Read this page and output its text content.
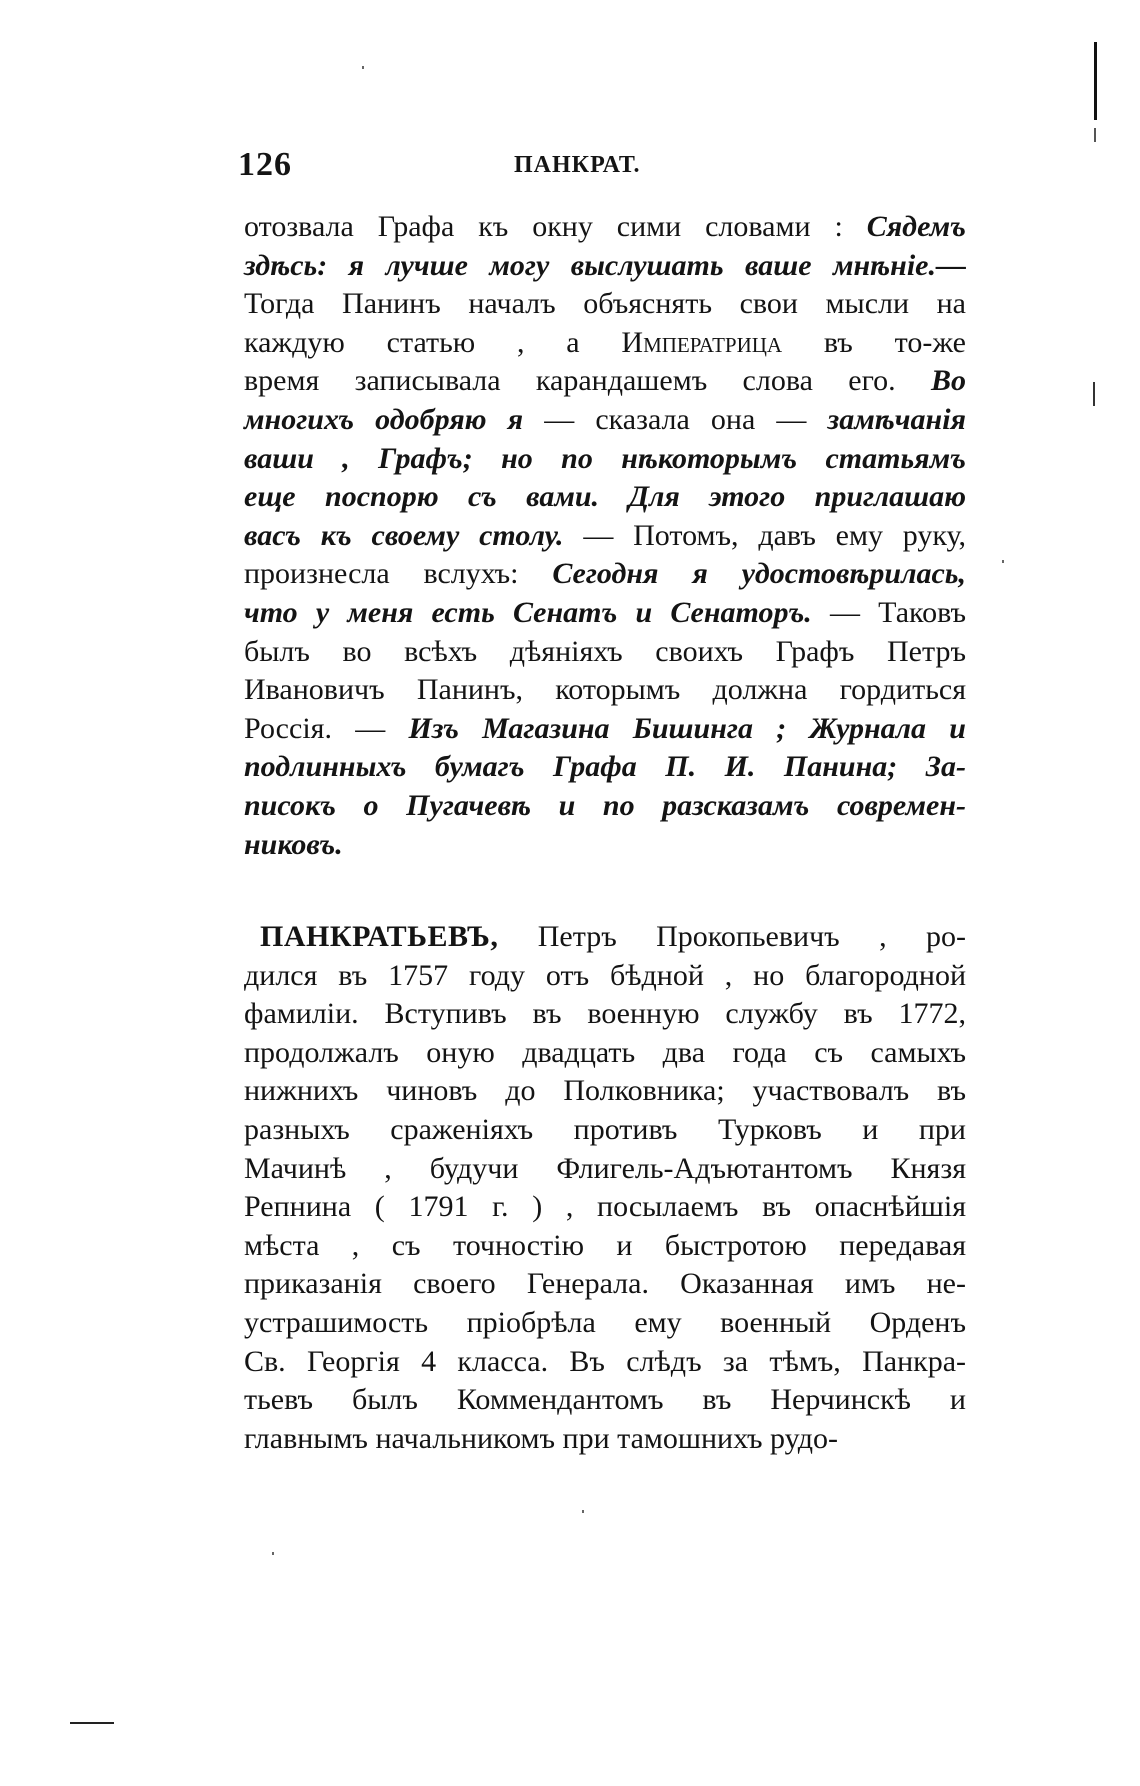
126	ПАНКРАТ.
отозвала Графа къ окну сими словами : Сядемъ
здѣсь: я лучше могу выслушать ваше мнѣніе.—
Тогда Панинъ началъ объяснять свои мысли на
каждую статью , а Императрица въ то-же
время записывала карандашемъ слова его. Во
многихъ одобряю я — сказала она — замѣчанія
ваши , Графъ; но по нѣкоторымъ статьямъ
еще поспорю съ вами. Для этого приглашаю
васъ къ своему столу. — Потомъ, давъ ему руку,
произнесла вслухъ: Сегодня я удостовѣрилась,
что у меня есть Сенатъ и Сенаторъ. — Таковъ
былъ во всѣхъ дѣяніяхъ своихъ Графъ Петръ
Ивановичъ Панинъ, которымъ должна гордиться
Россія. — Изъ Магазина Бишинга ; Журнала и
подлинныхъ бумагъ Графа П. И. Панина; За-
писокъ о Пугачевѣ и по разсказамъ современ-
никовъ.
ПАНКРАТЬЕВЪ, Петръ Прокопьевичъ , ро-
дился въ 1757 году отъ бѣдной , но благородной
фамиліи. Вступивъ въ военную службу въ 1772,
продолжалъ оную двадцать два года съ самыхъ
нижнихъ чиновъ до Полковника; участвовалъ въ
разныхъ сраженіяхъ противъ Турковъ и при
Мачинѣ , будучи Флигель-Адъютантомъ Князя
Репнина ( 1791 г. ) , посылаемъ въ опаснѣйшія
мѣста , съ точностію и быстротою передавая
приказанія своего Генерала. Оказанная имъ не-
устрашимость пріобрѣла ему военный Орденъ
Св. Георгія 4 класса. Въ слѣдъ за тѣмъ, Панкра-
тьевъ былъ Коммендантомъ въ Нерчинскѣ и
главнымъ начальникомъ при тамошнихъ рудо-
